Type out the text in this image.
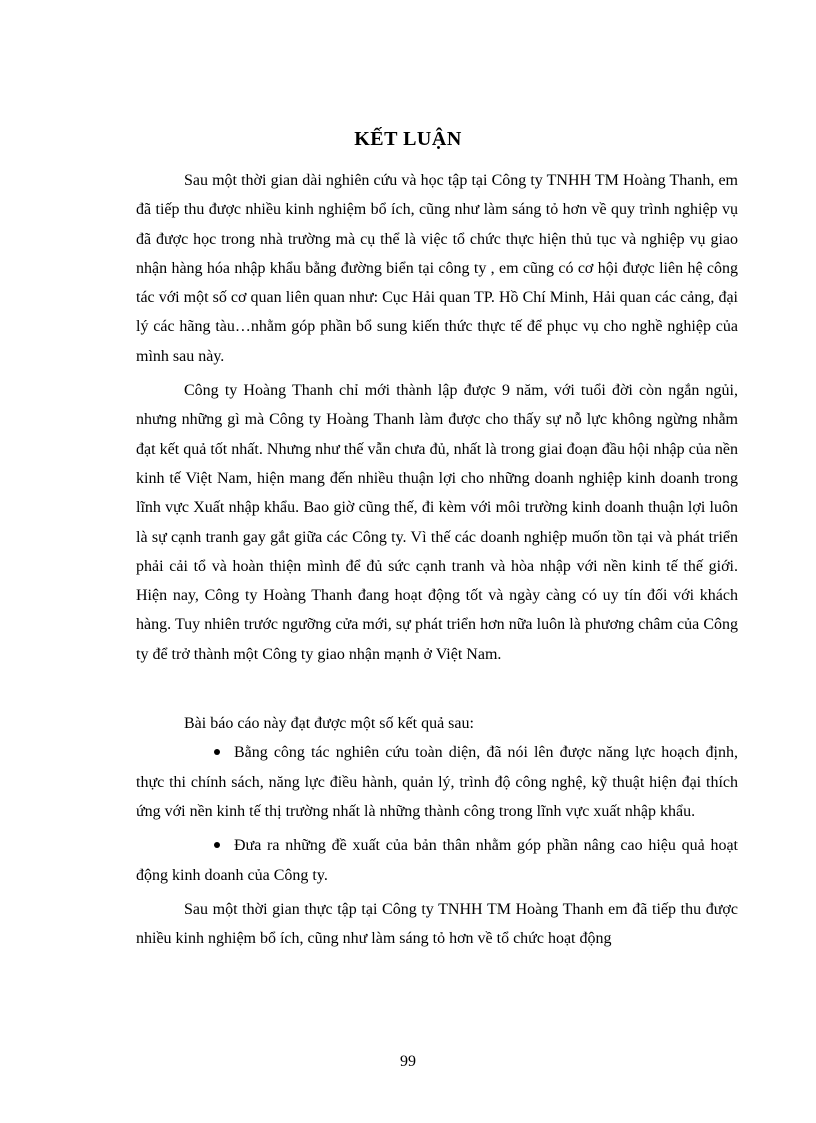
KẾT LUẬN

Sau một thời gian dài nghiên cứu và học tập tại Công ty TNHH TM Hoàng Thanh, em đã tiếp thu được nhiều kinh nghiệm bổ ích, cũng như làm sáng tỏ hơn về quy trình nghiệp vụ đã được học trong nhà trường mà cụ thể là việc tổ chức thực hiện thủ tục và nghiệp vụ giao nhận hàng hóa nhập khẩu bằng đường biển tại công ty , em cũng có cơ hội được liên hệ công tác với một số cơ quan liên quan như: Cục Hải quan TP. Hồ Chí Minh, Hải quan các cảng, đại lý các hãng tàu…nhằm góp phần bổ sung kiến thức thực tế để phục vụ cho nghề nghiệp của mình sau này.

Công ty Hoàng Thanh chỉ mới thành lập được 9 năm, với tuổi đời còn ngắn ngủi, nhưng những gì mà Công ty Hoàng Thanh làm được cho thấy sự nỗ lực không ngừng nhằm đạt kết quả tốt nhất. Nhưng như thế vẫn chưa đủ, nhất là trong giai đoạn đầu hội nhập của nền kinh tế Việt Nam, hiện mang đến nhiều thuận lợi cho những doanh nghiệp kinh doanh trong lĩnh vực Xuất nhập khẩu. Bao giờ cũng thế, đi kèm với môi trường kinh doanh thuận lợi luôn là sự cạnh tranh gay gắt giữa các Công ty. Vì thế các doanh nghiệp muốn tồn tại và phát triển phải cải tổ và hoàn thiện mình để đủ sức cạnh tranh và hòa nhập với nền kinh tế thế giới. Hiện nay, Công ty Hoàng Thanh đang hoạt động tốt và ngày càng có uy tín đối với khách hàng. Tuy nhiên trước ngưỡng cửa mới, sự phát triển hơn nữa luôn là phương châm của Công ty để trở thành một Công ty giao nhận mạnh ở Việt Nam.

Bài báo cáo này đạt được một số kết quả sau:

Bằng công tác nghiên cứu toàn diện, đã nói lên được năng lực hoạch định, thực thi chính sách, năng lực điều hành, quản lý, trình độ công nghệ, kỹ thuật hiện đại thích ứng với nền kinh tế thị trường nhất là những thành công trong lĩnh vực xuất nhập khẩu.

Đưa ra những đề xuất của bản thân nhằm góp phần nâng cao hiệu quả hoạt động kinh doanh của Công ty.

Sau một thời gian thực tập tại Công ty TNHH TM Hoàng Thanh em đã tiếp thu được nhiều kinh nghiệm bổ ích, cũng như làm sáng tỏ hơn về tổ chức hoạt động

99
